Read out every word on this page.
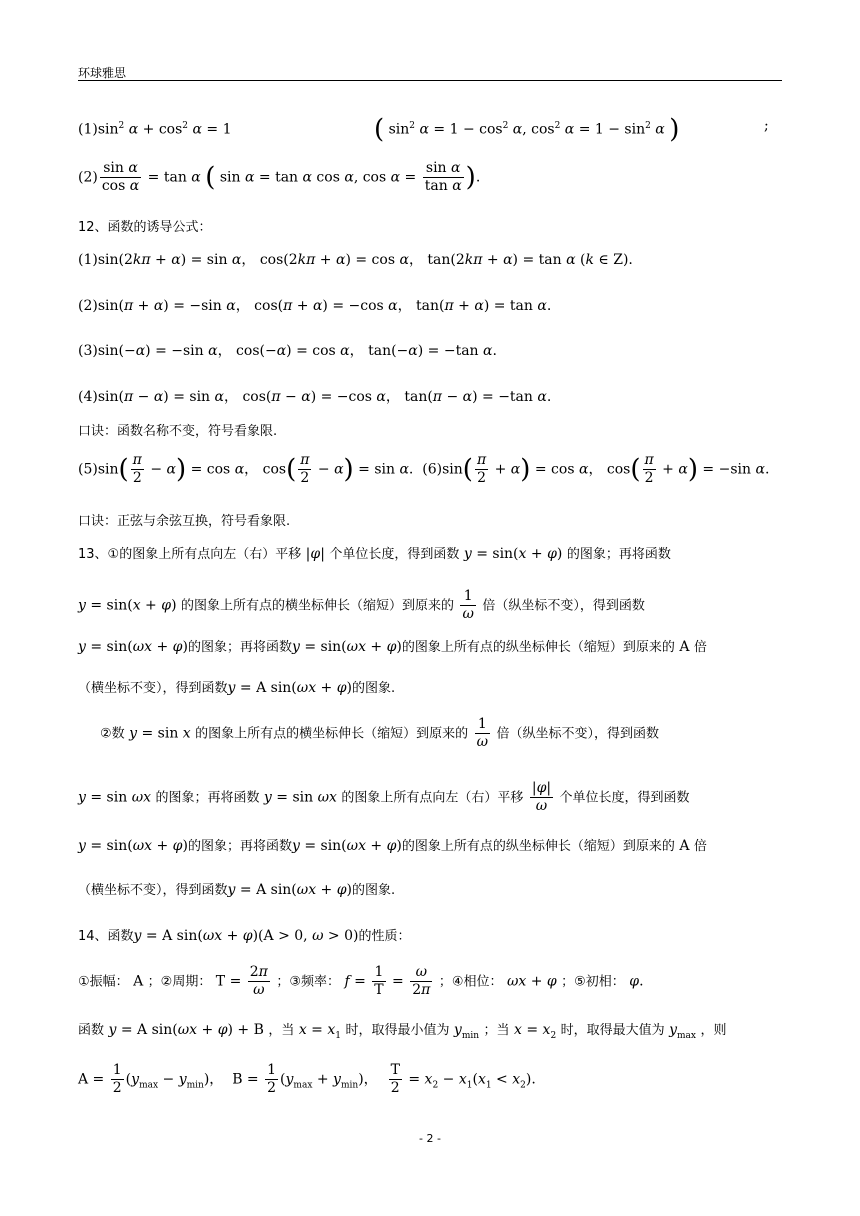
环球雅思
$(1)\sin^2$ $\alpha + \cos^2 \alpha = 1$	( $\sin^2 \alpha = 1 - \cos^2 \alpha$, $\cos^2 \alpha = 1 - \sin^2 \alpha$ )	;
$(2) \frac{\text{sin α}}{\text{cos α}} = \tan \alpha$ ( sin α = tan α cos α, $\cos \alpha = \frac{\text{sin α}}{\text{tan α}}$ ).
12、函数的诱导公式：
(1)sin(2kπ + α) = sin α， cos(2kπ + α) = cos α， tan(2kπ + α) = tan α (k ∈ Z).
(2)sin(π + α) = −sin α， cos(π + α) = −cos α， tan(π + α) = tan α.
(3)sin(−α) = −sin α， cos(−α) = cos α， tan(−α) = −tan α.
(4)sin(π − α) = sin α， cos(π − α) = −cos α， tan(π − α) = −tan α.
口诀：函数名称不变，符号看象限.
$(5)\sin( \frac{\pi}{2} - \alpha) = \cos \alpha$， $\cos( \frac{\pi}{2} - \alpha) = \sin \alpha$.  $(6)\sin( \frac{\pi}{2} + \alpha) = \cos \alpha$， $\cos( \frac{\pi}{2} + \alpha) = -\sin$ α.
口诀：正弦与余弦互换，符号看象限.
13、①的图象上所有点向左（右）平移 |φ| 个单位长度，得到函数 y = sin(x + φ) 的图象；再将函数
y = sin(x + φ) 的图象上所有点的横坐标伸长（缩短）到原来的 $\frac{1}{\omega}$ 倍（纵坐标不变），得到函数
y = sin(ωx + φ)的图象；再将函数y = sin(ωx + φ)的图象上所有点的纵坐标伸长（缩短）到原来的 A 倍
（横坐标不变），得到函数y = A sin(ωx + φ)的图象.
②数 y = sin x 的图象上所有点的横坐标伸长（缩短）到原来的 $\frac{1}{\omega}$ 倍（纵坐标不变），得到函数
y = sin ωx 的图象；再将函数 y = sin ωx 的图象上所有点向左（右）平移 $\frac{|\varphi|}{\omega}$ 个单位长度，得到函数
y = sin(ωx + φ)的图象；再将函数y = sin(ωx + φ)的图象上所有点的纵坐标伸长（缩短）到原来的 A 倍
（横坐标不变），得到函数y = A sin(ωx + φ)的图象.
14、函数y = A sin(ωx + φ)(A > 0, ω > 0)的性质：
①振幅： A ；②周期： $T = \frac{2\pi}{\omega}$ ；③频率： $f = \frac{1}{T} = \frac{\omega}{2\pi}$ ；④相位： ωx + φ ；⑤初相： φ.
函数 y = A sin(ωx + φ) + B ，当 $x = x_1$ 时，取得最小值为 $y_{min}$ ；当 $x = x_2$ 时，取得最大值为 $y_{max}$ ，则
$A = \frac{1}{2} (y_{max} - y_{min})$，  $B = \frac{1}{2} (y_{max} + y_{min})$， $\frac{T}{2} = x_2 - x_1(x_1 < x_2)$.
- 2 -
